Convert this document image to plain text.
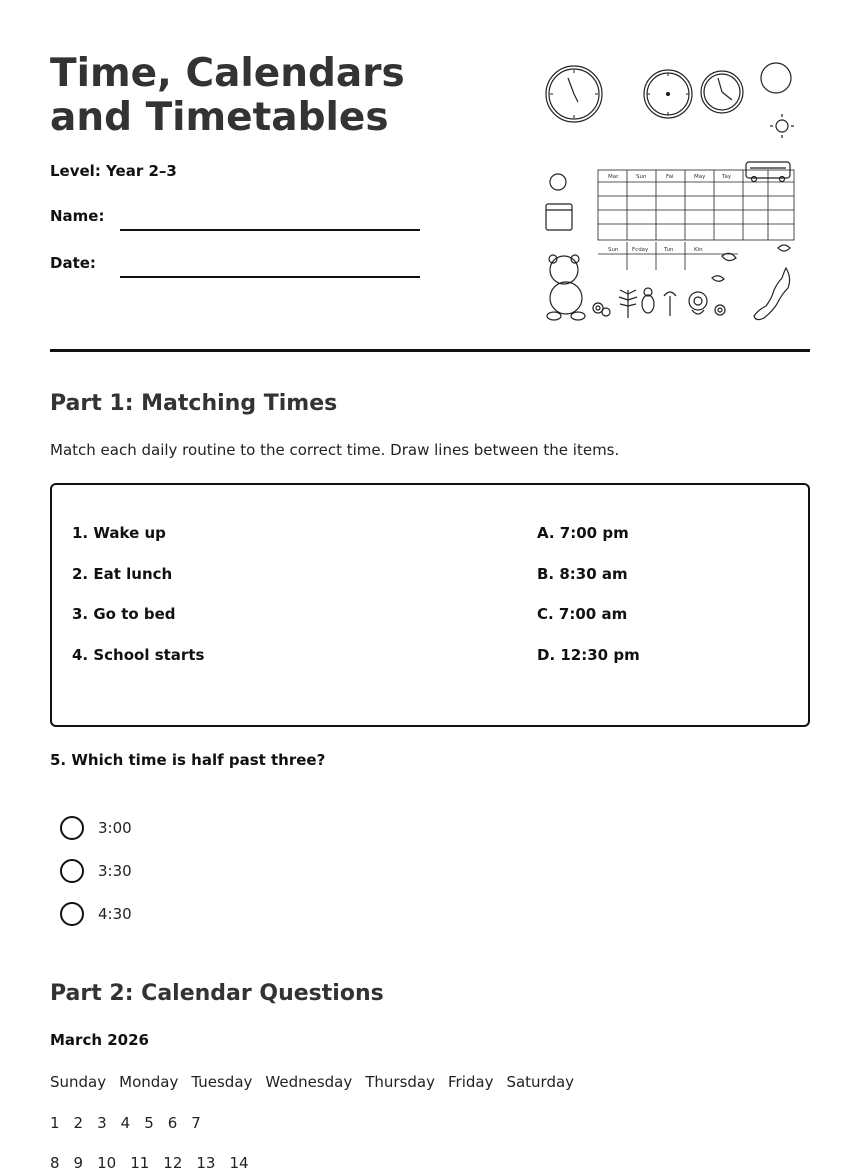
Time, Calendars and Timetables
Level: Year 2–3
Name:
Date:
Mar.	Sun	Fai	May	Tay
Sun Fcday	Tun	Kin
Part 1: Matching Times
Match each daily routine to the correct time. Draw lines between the items.
1. Wake up
2. Eat lunch
3. Go to bed
4. School starts
A. 7:00 pm
B. 8:30 am
C. 7:00 am
D. 12:30 pm
5. Which time is half past three?
3:00
3:30
4:30
Part 2: Calendar Questions
March 2026
Sunday Monday Tuesday Wednesday Thursday Friday Saturday
1 2 3 4 5 6 7
8 9 10 11 12 13 14
